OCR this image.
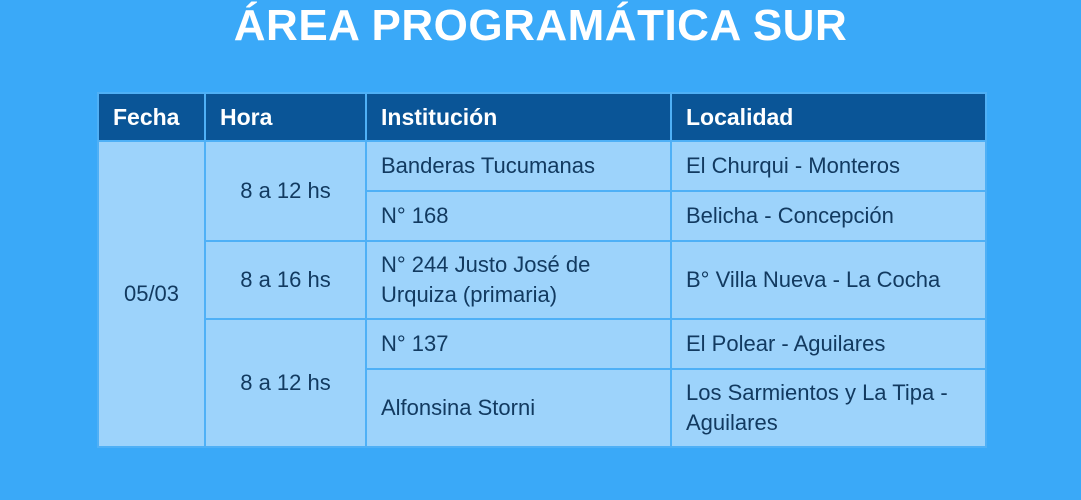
ÁREA PROGRAMÁTICA SUR
Fecha	Hora	Institución	Localidad
05/03	8 a 12 hs	Banderas Tucumanas	El Churqui - Monteros
		N° 168	Belicha - Concepción
	8 a 16 hs	N° 244 Justo José de Urquiza (primaria)	B° Villa Nueva - La Cocha
	8 a 12 hs	N° 137	El Polear - Aguilares
		Alfonsina Storni	Los Sarmientos y La Tipa - Aguilares
